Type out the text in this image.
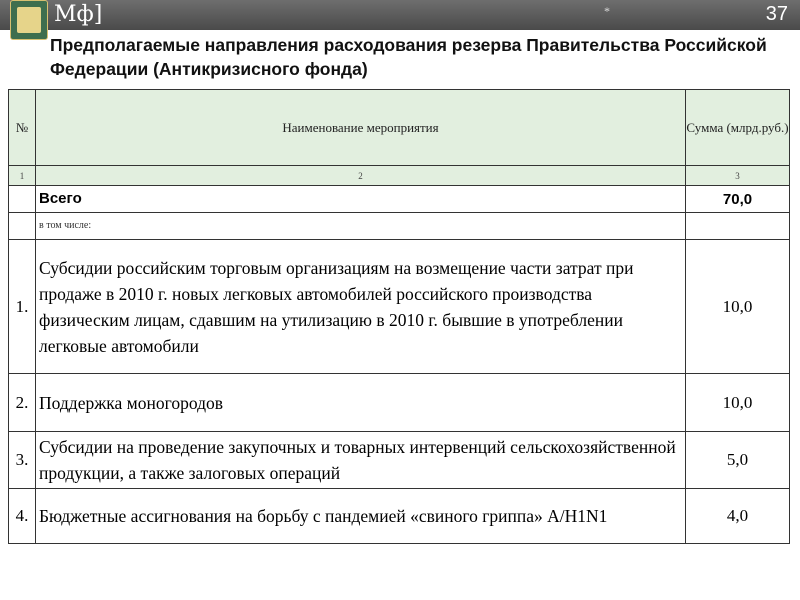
Мф]	*	37
Предполагаемые направления расходования резерва Правительства Российской Федерации (Антикризисного фонда)
№	Наименование мероприятия	Сумма (млрд.руб.)
1	2	3
	Всего	70,0
	в том числе:	
1.	Субсидии российским торговым организациям на возмещение части затрат при продаже в 2010 г. новых легковых автомобилей российского производства физическим лицам, сдавшим на утилизацию в 2010 г. бывшие в употреблении легковые автомобили	10,0
2.	Поддержка моногородов	10,0
3.	Субсидии на проведение закупочных и товарных интервенций сельскохозяйственной продукции, а также залоговых операций	5,0
4.	Бюджетные ассигнования на борьбу с пандемией «свиного гриппа» A/H1N1	4,0
